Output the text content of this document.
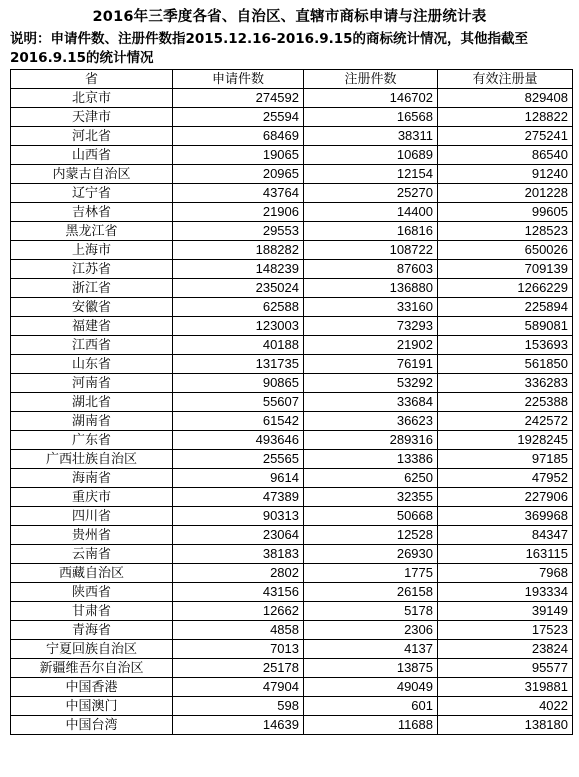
2016年三季度各省、自治区、直辖市商标申请与注册统计表
说明：申请件数、注册件数指2015.12.16-2016.9.15的商标统计情况，其他指截至2016.9.15的统计情况
省	申请件数	注册件数	有效注册量
北京市	274592	146702	829408
天津市	25594	16568	128822
河北省	68469	38311	275241
山西省	19065	10689	86540
内蒙古自治区	20965	12154	91240
辽宁省	43764	25270	201228
吉林省	21906	14400	99605
黑龙江省	29553	16816	128523
上海市	188282	108722	650026
江苏省	148239	87603	709139
浙江省	235024	136880	1266229
安徽省	62588	33160	225894
福建省	123003	73293	589081
江西省	40188	21902	153693
山东省	131735	76191	561850
河南省	90865	53292	336283
湖北省	55607	33684	225388
湖南省	61542	36623	242572
广东省	493646	289316	1928245
广西壮族自治区	25565	13386	97185
海南省	9614	6250	47952
重庆市	47389	32355	227906
四川省	90313	50668	369968
贵州省	23064	12528	84347
云南省	38183	26930	163115
西藏自治区	2802	1775	7968
陕西省	43156	26158	193334
甘肃省	12662	5178	39149
青海省	4858	2306	17523
宁夏回族自治区	7013	4137	23824
新疆维吾尔自治区	25178	13875	95577
中国香港	47904	49049	319881
中国澳门	598	601	4022
中国台湾	14639	11688	138180
